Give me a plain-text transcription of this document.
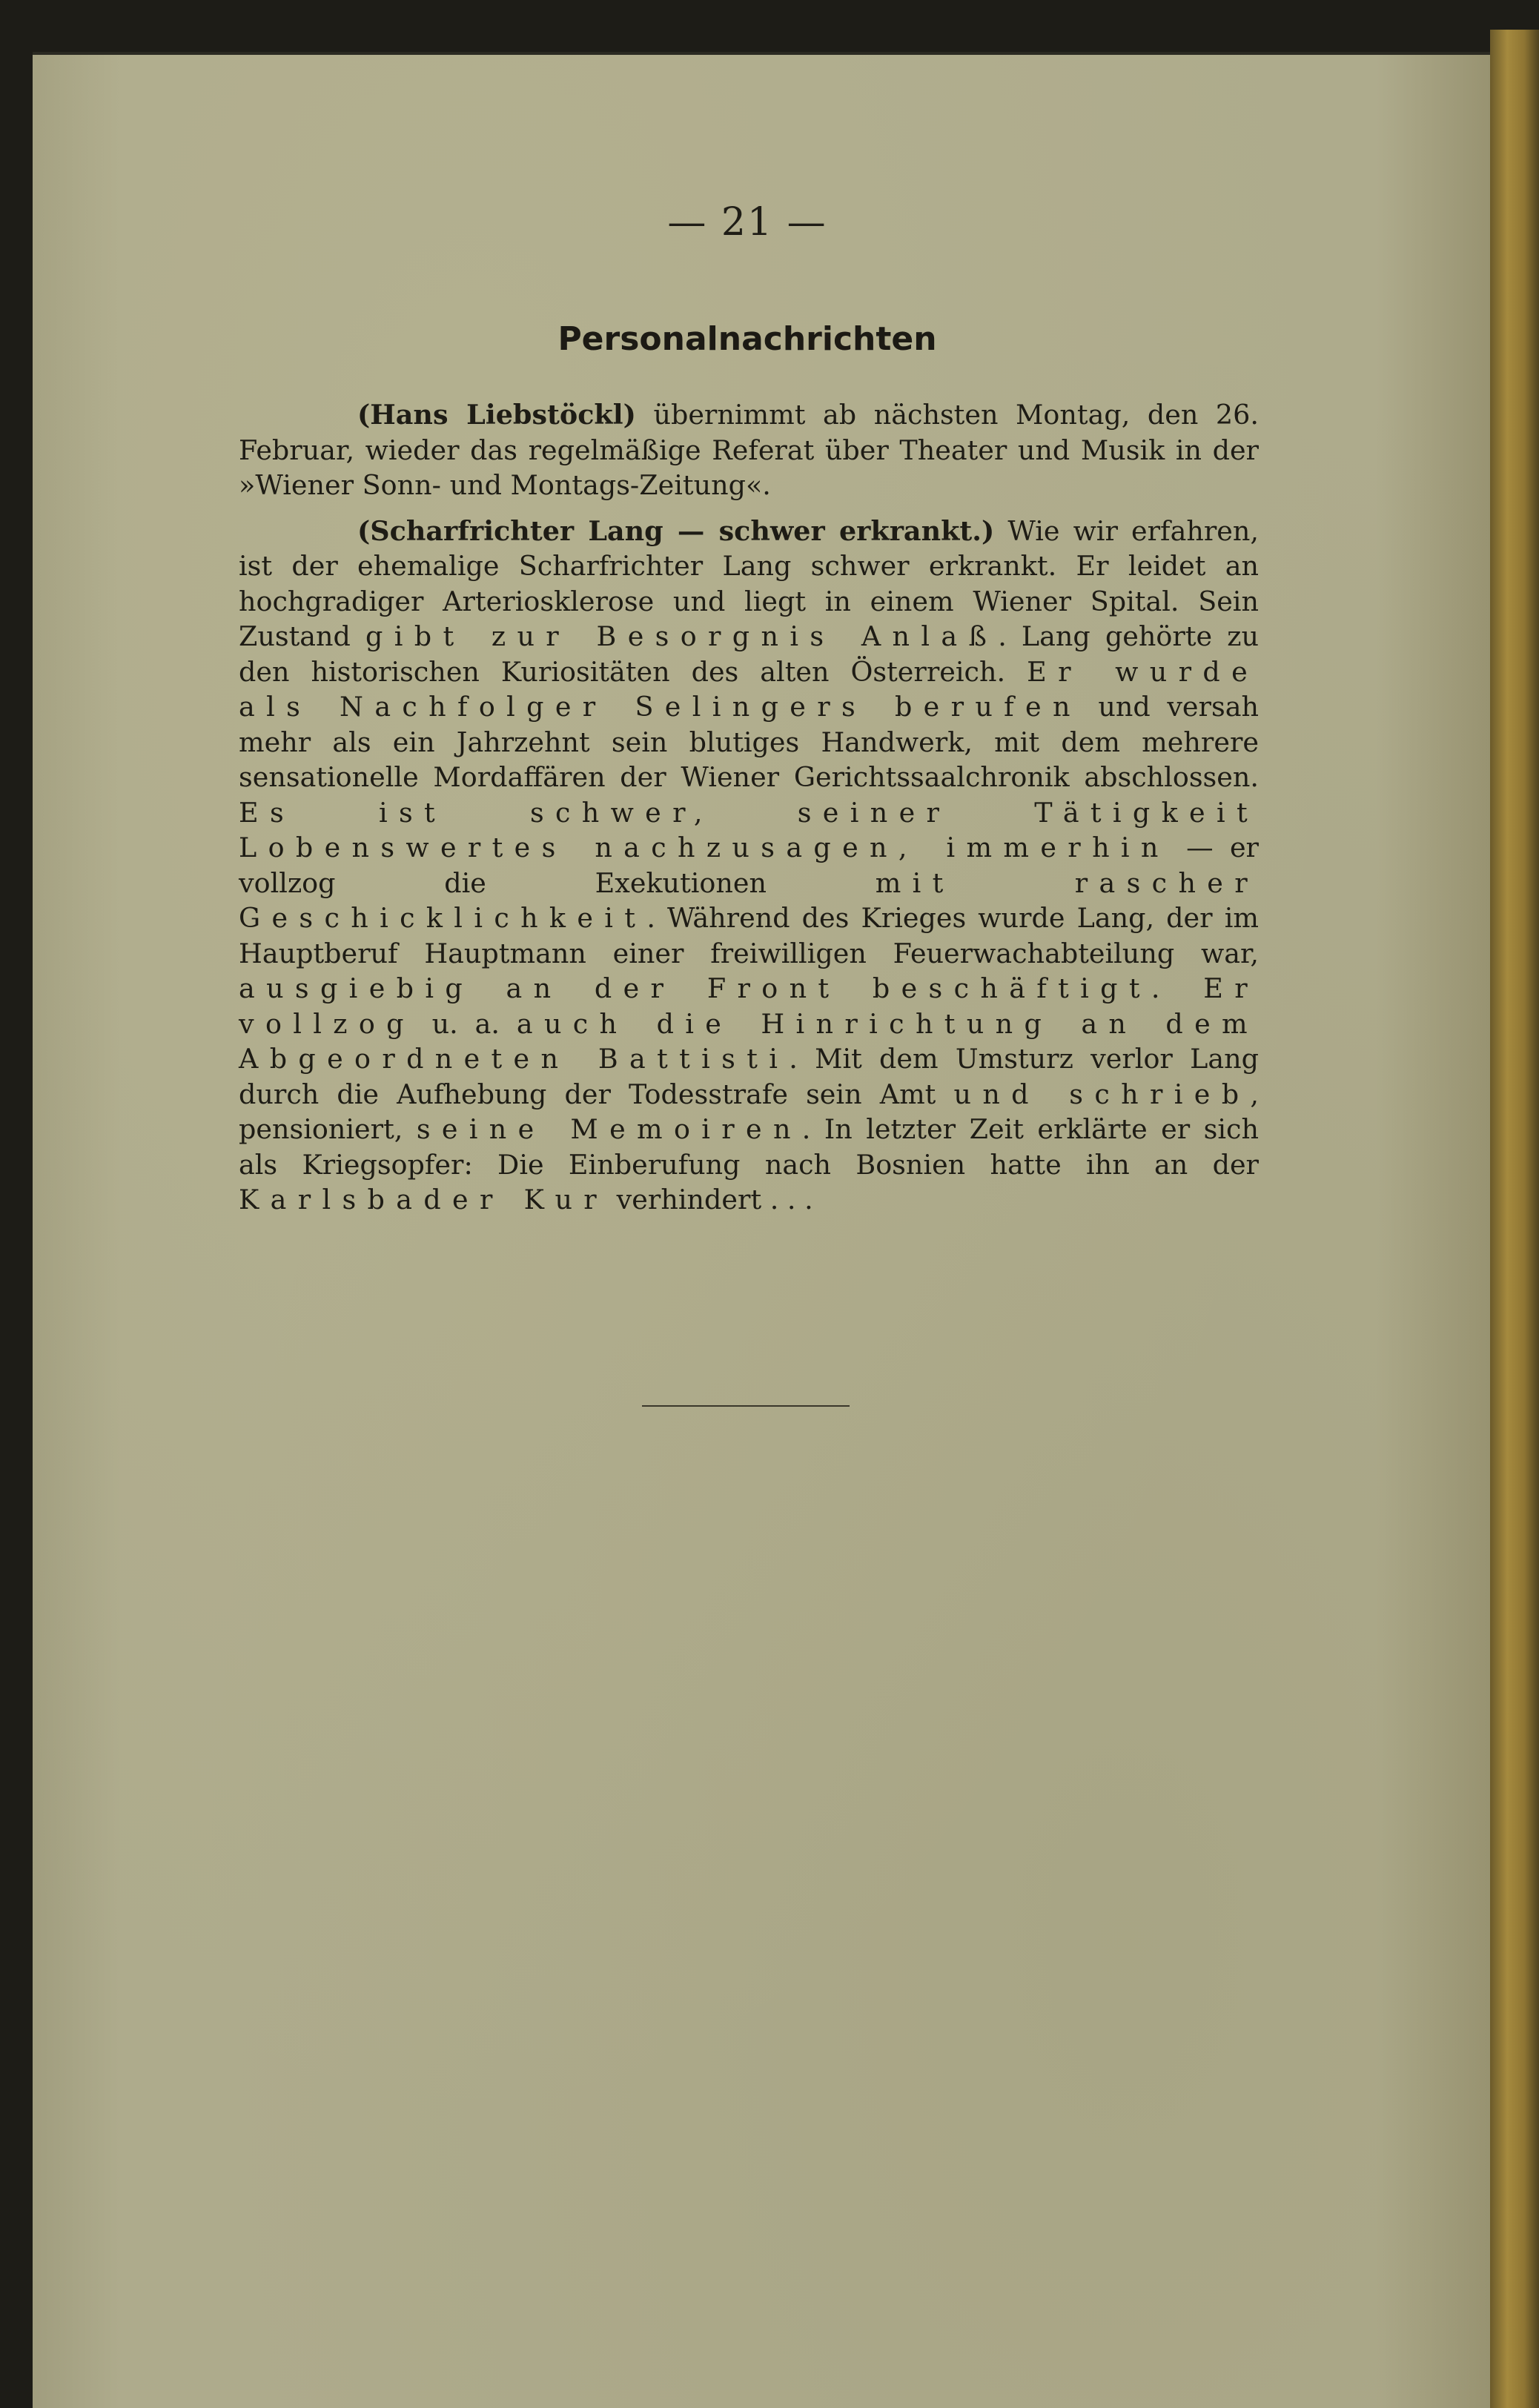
— 21 —
Personalnachrichten

(Hans Liebstöckl) übernimmt ab nächsten Montag, den 26. Februar, wieder das regelmäßige Referat über Theater und Musik in der »Wiener Sonn- und Montags-Zeitung«.

(Scharfrichter Lang — schwer erkrankt.) Wie wir erfahren, ist der ehemalige Scharfrichter Lang schwer erkrankt. Er leidet an hochgradiger Arteriosklerose und liegt in einem Wiener Spital. Sein Zustand gibt zur Besorgnis Anlaß. Lang gehörte zu den historischen Kuriositäten des alten Österreich. Er wurde als Nachfolger Selingers berufen und versah mehr als ein Jahrzehnt sein blutiges Handwerk, mit dem mehrere sensationelle Mordaffären der Wiener Gerichtssaalchronik abschlossen. Es ist schwer, seiner Tätigkeit Lobenswertes nachzusagen, immerhin — er vollzog die Exekutionen mit rascher Geschicklichkeit. Während des Krieges wurde Lang, der im Hauptberuf Hauptmann einer freiwilligen Feuerwachabteilung war, ausgiebig an der Front beschäftigt. Er vollzog u. a. auch die Hinrichtung an dem Abgeordneten Battisti. Mit dem Umsturz verlor Lang durch die Aufhebung der Todesstrafe sein Amt und schrieb, pensioniert, seine Memoiren. In letzter Zeit erklärte er sich als Kriegsopfer: Die Einberufung nach Bosnien hatte ihn an der Karlsbader Kur verhindert . . .
